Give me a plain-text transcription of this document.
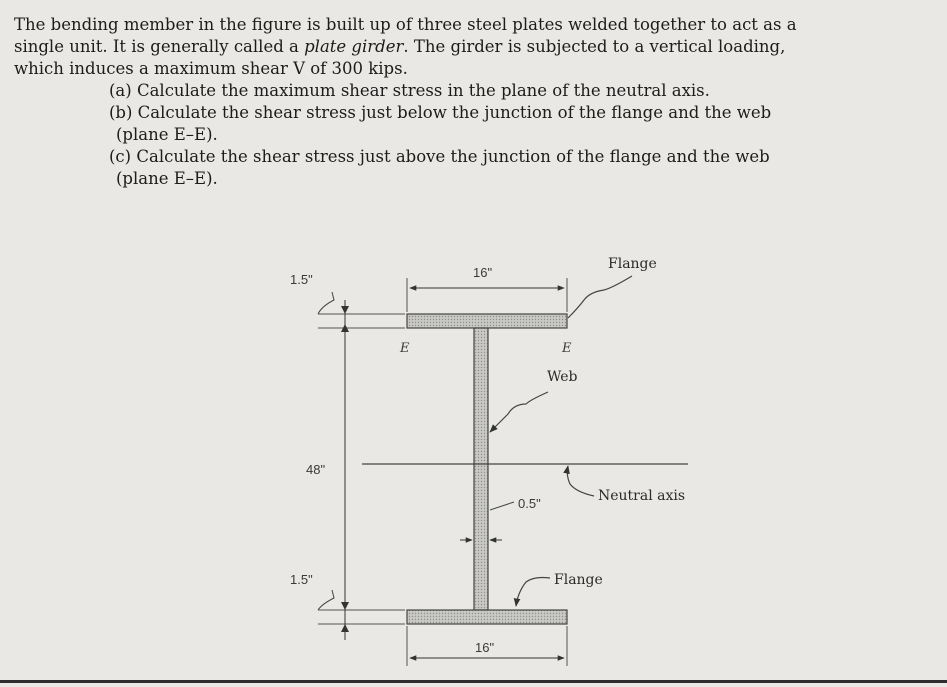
The bending member in the figure is built up of three steel plates welded together to act as a
single unit. It is generally called a plate girder. The girder is subjected to a vertical loading,
which induces a maximum shear V of 300 kips.
(a) Calculate the maximum shear stress in the plane of the neutral axis.
(b) Calculate the shear stress just below the junction of the flange and the web
(plane E–E).
(c) Calculate the shear stress just above the junction of the flange and the web
(plane E–E).
16"
16"
48"
1.5"
1.5"
E	E
Flange
Web
0.5"	Neutral axis
Flange
